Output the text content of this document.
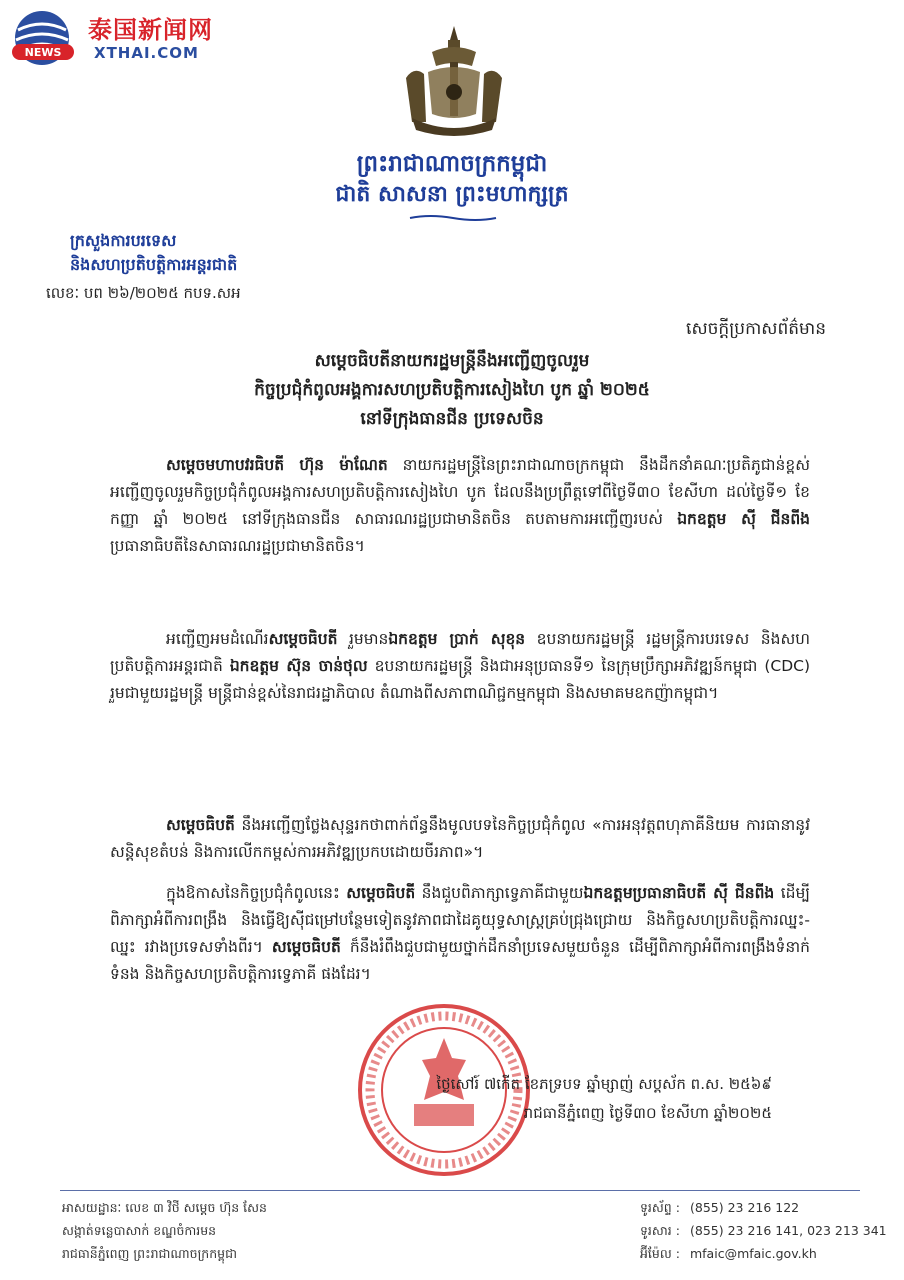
NEWS
泰国新闻网
XTHAI.COM
ព្រះរាជាណាចក្រកម្ពុជា
ជាតិ សាសនា ព្រះមហាក្សត្រ
ក្រសួងការបរទេស
និងសហប្រតិបត្តិការអន្តរជាតិ
លេខៈ បព ២៦/២០២៥ កបទ.សអ
សេចក្តីប្រកាសព័ត៌មាន
សម្តេចធិបតីនាយករដ្ឋមន្ត្រីនឹងអញ្ជើញចូលរួម
កិច្ចប្រជុំកំពូលអង្គការសហប្រតិបត្តិការសៀងហៃ បូក ឆ្នាំ ២០២៥
នៅទីក្រុងធានជីន ប្រទេសចិន
សម្តេចមហាបវរធិបតី ហ៊ុន ម៉ាណែត នាយករដ្ឋមន្ត្រីនៃព្រះរាជាណាចក្រកម្ពុជា នឹងដឹកនាំគណៈប្រតិភូជាន់ខ្ពស់ អញ្ជើញចូលរួមកិច្ចប្រជុំកំពូលអង្គការសហប្រតិបត្តិការសៀងហៃ បូក ដែលនឹងប្រព្រឹត្តទៅពីថ្ងៃទី៣០ ខែសីហា ដល់ថ្ងៃទី១ ខែកញ្ញា ឆ្នាំ ២០២៥ នៅទីក្រុងធានជីន សាធារណរដ្ឋប្រជាមានិតចិន តបតាមការអញ្ជើញរបស់ ឯកឧត្តម ស៊ី ជីនពីង ប្រធានាធិបតីនៃសាធារណរដ្ឋប្រជាមានិតចិន។
អញ្ជើញអមដំណើរសម្តេចធិបតី រួមមានឯកឧត្តម ប្រាក់ សុខុន ឧបនាយករដ្ឋមន្ត្រី រដ្ឋមន្ត្រីការបរទេស និងសហប្រតិបត្តិការអន្តរជាតិ ឯកឧត្តម ស៊ុន ចាន់ថុល ឧបនាយករដ្ឋមន្ត្រី និងជាអនុប្រធានទី១ នៃក្រុមប្រឹក្សាអភិវឌ្ឍន៍កម្ពុជា (CDC) រួមជាមួយរដ្ឋមន្ត្រី មន្ត្រីជាន់ខ្ពស់នៃរាជរដ្ឋាភិបាល តំណាងពីសភាពាណិជ្ជកម្មកម្ពុជា និងសមាគមឧកញ៉ាកម្ពុជា។
សម្តេចធិបតី នឹងអញ្ជើញថ្លែងសុន្ទរកថាពាក់ព័ន្ធនឹងមូលបទនៃកិច្ចប្រជុំកំពូល «ការអនុវត្តពហុភាគីនិយម ការធានានូវសន្តិសុខតំបន់ និងការលើកកម្ពស់ការអភិវឌ្ឍប្រកបដោយចីរភាព»។
ក្នុងឱកាសនៃកិច្ចប្រជុំកំពូលនេះ សម្តេចធិបតី នឹងជួបពិភាក្សាទ្វេភាគីជាមួយឯកឧត្តមប្រធានាធិបតី ស៊ី ជីនពីង ដើម្បីពិភាក្សាអំពីការពង្រឹង និងធ្វើឱ្យស៊ីជម្រៅបន្ថែមទៀតនូវភាពជាដៃគូយុទ្ធសាស្ត្រគ្រប់ជ្រុងជ្រោយ និងកិច្ចសហប្រតិបត្តិការឈ្នះ-ឈ្នះ រវាងប្រទេសទាំងពីរ។ សម្តេចធិបតី ក៏នឹងរំពឹងជួបជាមួយថ្នាក់ដឹកនាំប្រទេសមួយចំនួន ដើម្បីពិភាក្សាអំពីការពង្រឹងទំនាក់ទំនង និងកិច្ចសហប្រតិបត្តិការទ្វេភាគី ផងដែរ។
ថ្ងៃសៅរ៍ ៧កើត ខែភទ្របទ ឆ្នាំម្សាញ់ សប្តស័ក ព.ស. ២៥៦៩
រាជធានីភ្នំពេញ ថ្ងៃទី៣០ ខែសីហា ឆ្នាំ២០២៥
អាសយដ្ឋានៈ លេខ ៣ វិថី សម្តេច ហ៊ុន សែន
សង្កាត់ទន្លេបាសាក់ ខណ្ឌចំការមន
រាជធានីភ្នំពេញ ព្រះរាជាណាចក្រកម្ពុជា
ទូរស័ព្ទ : (855) 23 216 122
ទូរសារ : (855) 23 216 141, 023 213 341
អ៊ីម៉ែល : mfaic@mfaic.gov.kh
